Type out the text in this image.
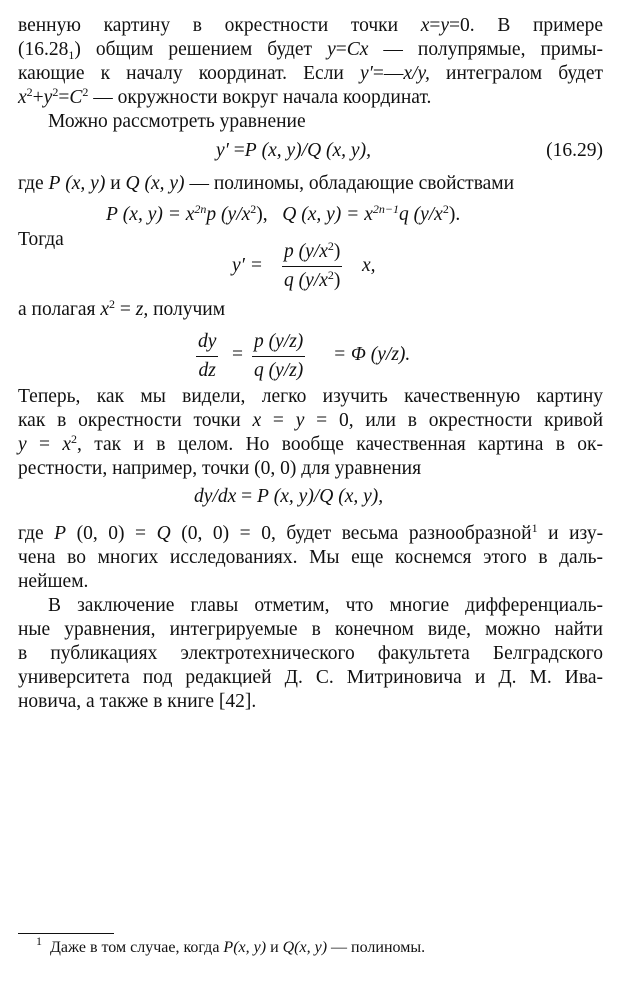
венную картину в окрестности точки x=y=0. В примере
$(16.28_1)$ общим решением будет y=Cx — полупрямые, примы-
кающие к началу координат. Если y′=—x/y, интегралом будет
$x^2+y^2=C^2$ — окружности вокруг начала координат.
Можно рассмотреть уравнение
y′ =P (x, y)/Q (x, y),	(16.29)
где P (x, y) и Q (x, y) — полиномы, обладающие свойствами
P (x, $y) = x^{2n}p$ $(y/x^2)$, Q (x, $y) = x^{2n-1}q$ $(y/x^2)$.
Тогда
$y' = \frac{p (y/x^2)}{q (y/x^2)} x$,
а полагая $x^2 = z$, получим
$\frac{dy}{dz} = \frac{p (y/z)}{q (y/z)} = \Phi$ (y/z).
Теперь, как мы видели, легко изучить качественную картину
как в окрестности точки x = y = 0, или в окрестности кривой
$y = x^2$, так и в целом. Но вообще качественная картина в ок-
рестности, например, точки (0, 0) для уравнения
dy/dx = P (x, y)/Q (x, y),
где P (0, 0) = Q (0, 0) = 0, будет весьма разнообразной$^1$ и изу-
чена во многих исследованиях. Мы еще коснемся этого в даль-
нейшем.
В заключение главы отметим, что многие дифференциаль-
ные уравнения, интегрируемые в конечном виде, можно найти
в публикациях электротехнического факультета Белградского
университета под редакцией Д. С. Митриновича и Д. М. Ива-
новича, а также в книге [42].
$^1$ Даже в том случае, когда P(x, y) и Q(x, y) — полиномы.
